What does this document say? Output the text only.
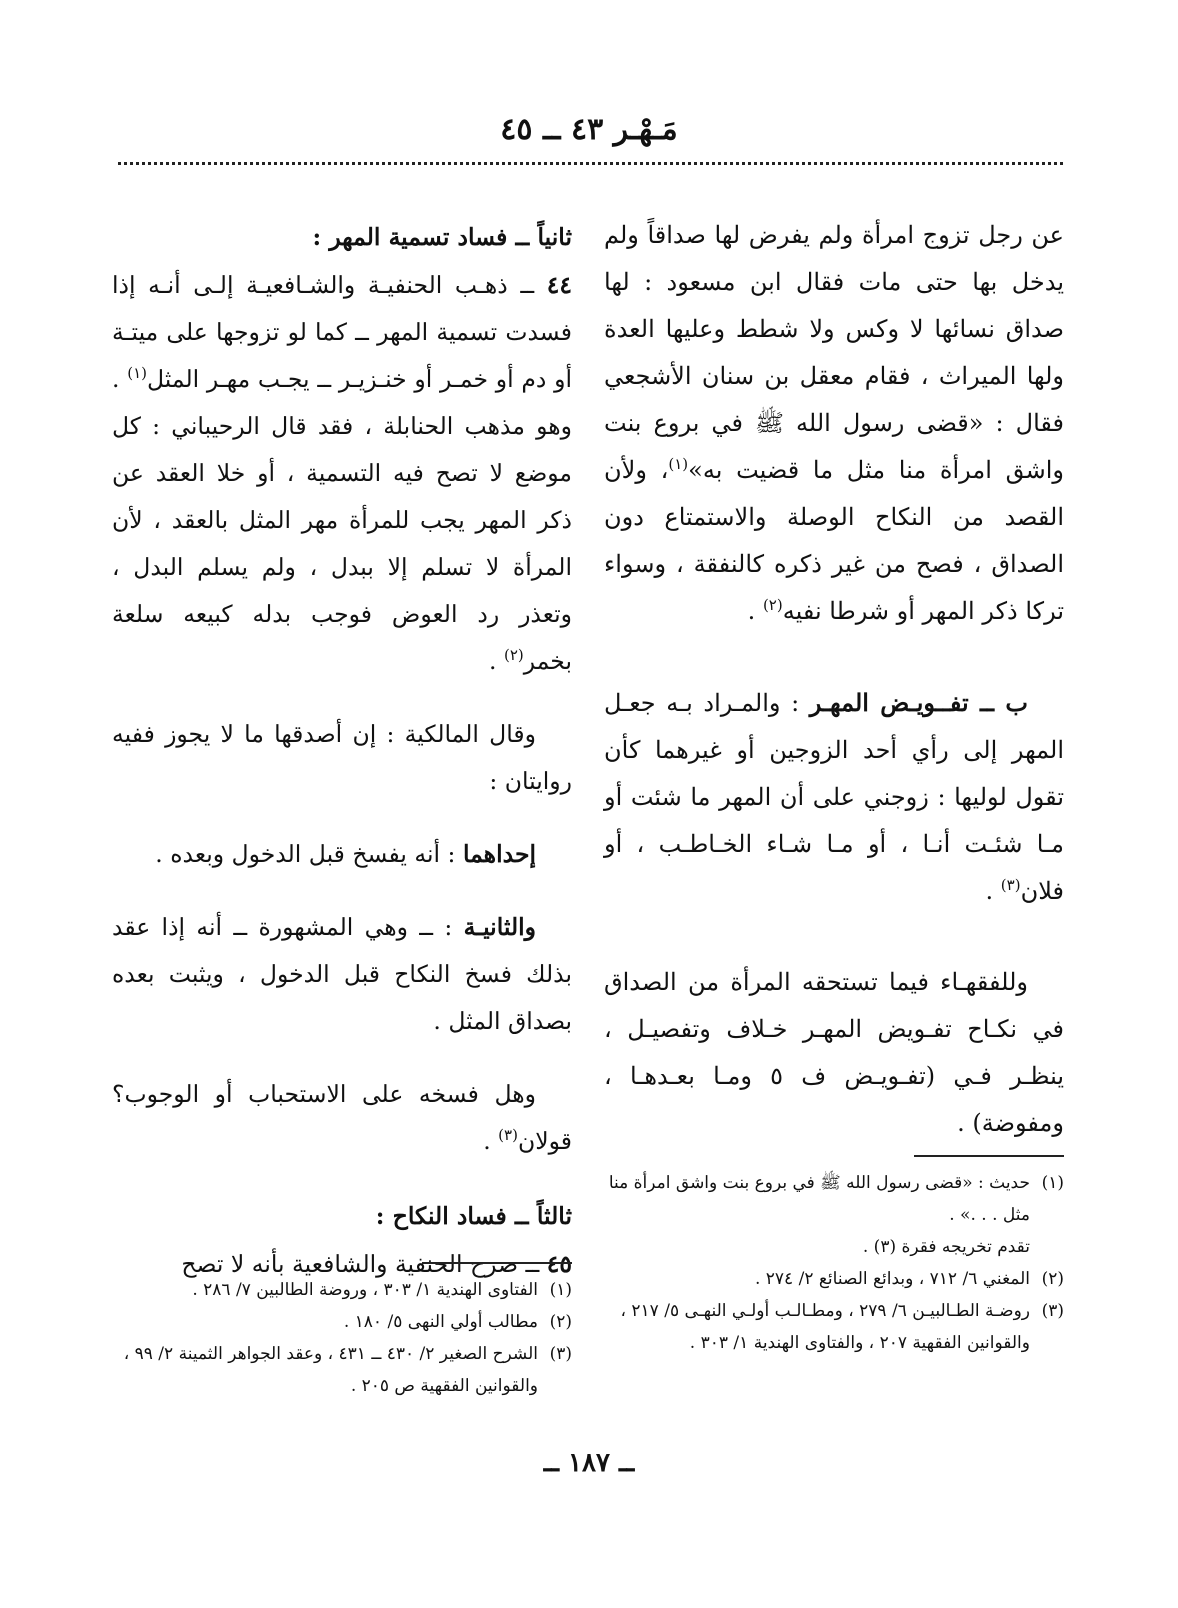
مَـهْـر ٤٣ ــ ٤٥

عن رجل تزوج امرأة ولم يفرض لها صداقاً ولم يدخل بها حتى مات فقال ابن مسعود : لها صداق نسائها لا وكس ولا شطط وعليها العدة ولها الميراث ، فقام معقل بن سنان الأشجعي فقال : «قضى رسول الله ﷺ في بروع بنت واشق امرأة منا مثل ما قضيت به»$^{(١)}$، ولأن القصد من النكاح الوصلة والاستمتاع دون الصداق ، فصح من غير ذكره كالنفقة ، وسواء تركا ذكر المهر أو شرطا نفيه$^{(٢)}$ .

ب ــ تفــويـض المهـر : والمـراد بـه جعـل المهر إلى رأي أحد الزوجين أو غيرهما كأن تقول لوليها : زوجني على أن المهر ما شئت أو مـا شئـت أنـا ، أو مـا شـاء الخـاطـب ، أو فلان$^{(٣)}$ .

وللفقهـاء فيما تستحقه المرأة من الصداق في نكـاح تفـويض المهـر خـلاف وتفصيـل ، ينظـر فـي (تفـويـض ف ٥ ومـا بعـدهـا ، ومفوضة) .

(١)
حديث : «قضى رسول الله ﷺ في بروع بنت واشق امرأة منا مثل . . .» .
تقدم تخريجه فقرة (٣) .

(٢)
المغني ٦/ ٧١٢ ، وبدائع الصنائع ٢/ ٢٧٤ .

(٣)
روضـة الطـالبيـن ٦/ ٢٧٩ ، ومطـالـب أولـي النهـى ٥/ ٢١٧ ، والقوانين الفقهية ٢٠٧ ، والفتاوى الهندية ١/ ٣٠٣ .

ثانياً ــ فساد تسمية المهر :

٤٤ ــ ذهـب الحنفيـة والشـافعيـة إلـى أنـه إذا فسدت تسمية المهر ــ كما لو تزوجها على ميتـة أو دم أو خمـر أو خنـزيـر ــ يجـب مهـر المثل$^{(١)}$ . وهو مذهب الحنابلة ، فقد قال الرحيباني : كل موضع لا تصح فيه التسمية ، أو خلا العقد عن ذكر المهر يجب للمرأة مهر المثل بالعقد ، لأن المرأة لا تسلم إلا ببدل ، ولم يسلم البدل ، وتعذر رد العوض فوجب بدله كبيعه سلعة بخمر$^{(٢)}$ .

وقال المالكية : إن أصدقها ما لا يجوز ففيه روايتان :

إحداهما : أنه يفسخ قبل الدخول وبعده .

والثانيـة : ــ وهي المشهورة ــ أنه إذا عقد بذلك فسخ النكاح قبل الدخول ، ويثبت بعده بصداق المثل .

وهل فسخه على الاستحباب أو الوجوب؟ قولان$^{(٣)}$ .

ثالثاً ــ فساد النكاح :

٤٥ ــ صرح الحنفية والشافعية بأنه لا تصح

(١)
الفتاوى الهندية ١/ ٣٠٣ ، وروضة الطالبين ٧/ ٢٨٦ .

(٢)
مطالب أولي النهى ٥/ ١٨٠ .

(٣)
الشرح الصغير ٢/ ٤٣٠ ــ ٤٣١ ، وعقد الجواهر الثمينة ٢/ ٩٩ ، والقوانين الفقهية ص ٢٠٥ .

ــ ١٨٧ ــ
